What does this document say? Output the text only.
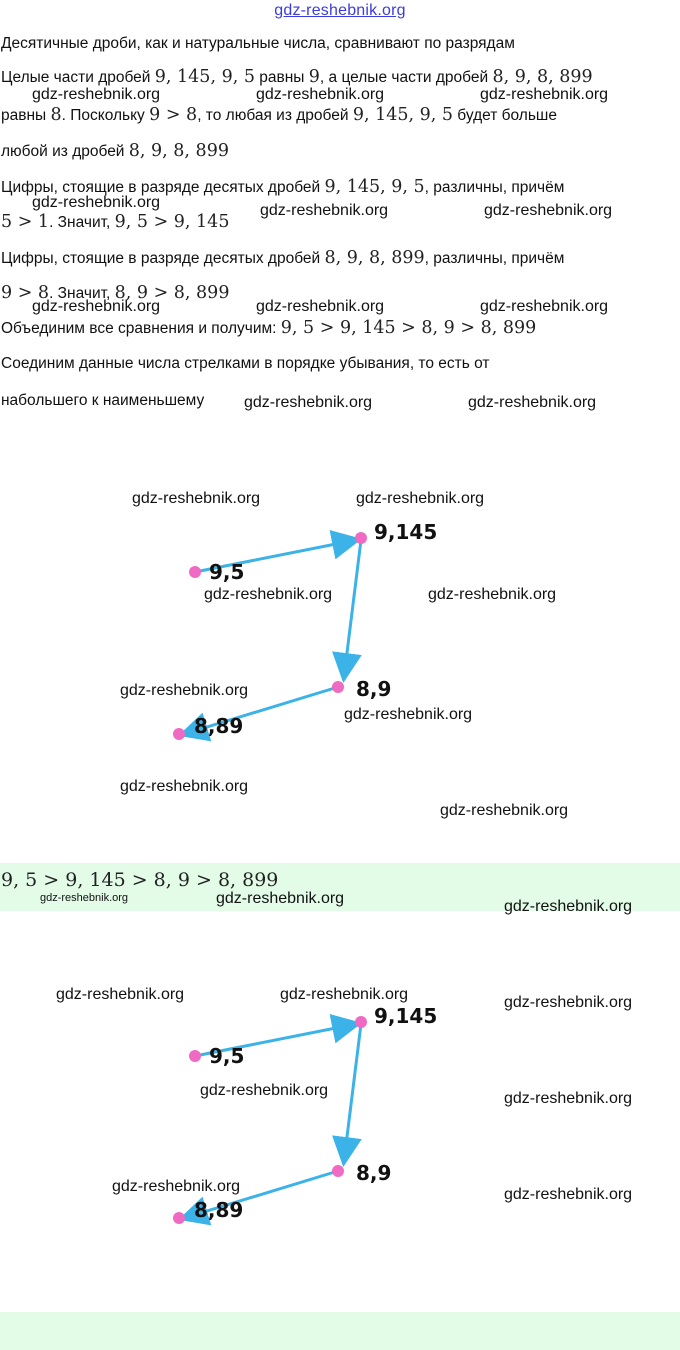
gdz-reshebnik.org
Десятичные дроби, как и натуральные числа, сравнивают по разрядам
Целые части дробей 9, 145, 9, 5 равны 9, а целые части дробей 8, 9, 8, 899
равны 8. Поскольку 9 > 8, то любая из дробей 9, 145, 9, 5 будет больше
любой из дробей 8, 9, 8, 899
Цифры, стоящие в разряде десятых дробей 9, 145, 9, 5, различны, причём
5 > 1. Значит, 9, 5 > 9, 145
Цифры, стоящие в разряде десятых дробей 8, 9, 8, 899, различны, причём
9 > 8. Значит, 8, 9 > 8, 899
Объединим все сравнения и получим: 9, 5 > 9, 145 > 8, 9 > 8, 899
Соединим данные числа стрелками в порядке убывания, то есть от
набольшего к наименьшему
9,5
9,145
8,9
8,89
9, 5 > 9, 145 > 8, 9 > 8, 899
9,5
9,145
8,9
8,89
gdz-reshebnik.org	gdz-reshebnik.org	gdz-reshebnik.org
gdz-reshebnik.org	gdz-reshebnik.org	gdz-reshebnik.org
gdz-reshebnik.org	gdz-reshebnik.org	gdz-reshebnik.org
gdz-reshebnik.org	gdz-reshebnik.org
gdz-reshebnik.org	gdz-reshebnik.org
gdz-reshebnik.org	gdz-reshebnik.org
gdz-reshebnik.org
gdz-reshebnik.org
gdz-reshebnik.org
gdz-reshebnik.org
gdz-reshebnik.org	gdz-reshebnik.org	gdz-reshebnik.org
gdz-reshebnik.org	gdz-reshebnik.org	gdz-reshebnik.org
gdz-reshebnik.org	gdz-reshebnik.org
gdz-reshebnik.org	gdz-reshebnik.org
